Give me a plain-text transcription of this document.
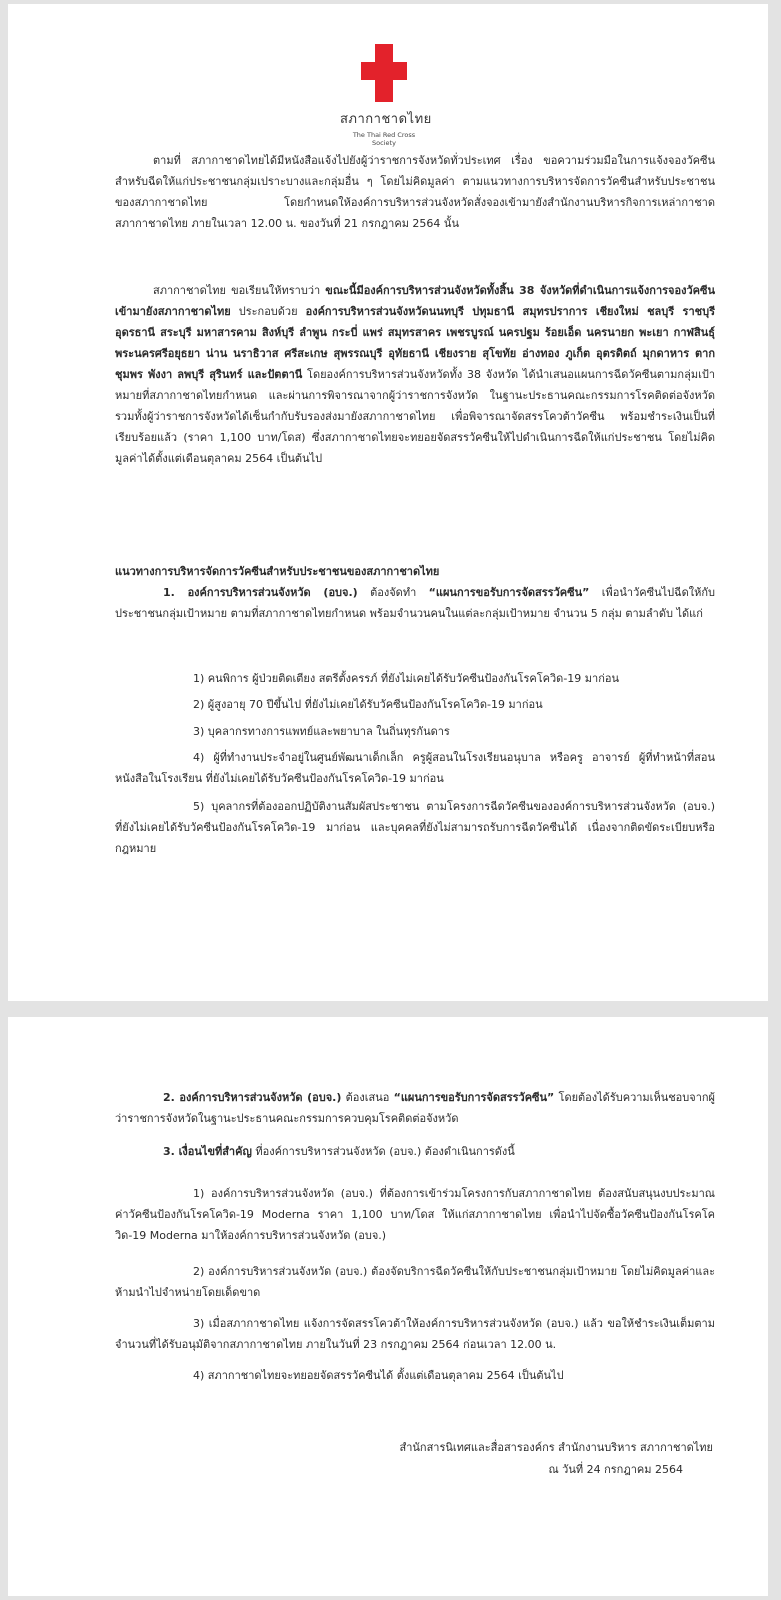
สภากาชาดไทย
The Thai Red Cross Society

ตามที่ สภากาชาดไทยได้มีหนังสือแจ้งไปยังผู้ว่าราชการจังหวัดทั่วประเทศ เรื่อง ขอความร่วมมือในการแจ้งจองวัคซีนสำหรับฉีดให้แก่ประชาชนกลุ่มเปราะบางและกลุ่มอื่น ๆ โดยไม่คิดมูลค่า ตามแนวทางการบริหารจัดการวัคซีนสำหรับประชาชนของสภากาชาดไทย โดยกำหนดให้องค์การบริหารส่วนจังหวัดสั่งจองเข้ามายังสำนักงานบริหารกิจการเหล่ากาชาด สภากาชาดไทย ภายในเวลา 12.00 น. ของวันที่ 21 กรกฎาคม 2564 นั้น

สภากาชาดไทย ขอเรียนให้ทราบว่า ขณะนี้มีองค์การบริหารส่วนจังหวัดทั้งสิ้น 38 จังหวัดที่ดำเนินการแจ้งการจองวัคซีนเข้ามายังสภากาชาดไทย ประกอบด้วย องค์การบริหารส่วนจังหวัดนนทบุรี ปทุมธานี สมุทรปราการ เชียงใหม่ ชลบุรี ราชบุรี อุดรธานี สระบุรี มหาสารคาม สิงห์บุรี ลำพูน กระบี่ แพร่ สมุทรสาคร เพชรบูรณ์ นครปฐม ร้อยเอ็ด นครนายก พะเยา กาฬสินธุ์ พระนครศรีอยุธยา น่าน นราธิวาส ศรีสะเกษ สุพรรณบุรี อุทัยธานี เชียงราย สุโขทัย อ่างทอง ภูเก็ต อุตรดิตถ์ มุกดาหาร ตาก ชุมพร พังงา ลพบุรี สุรินทร์ และปัตตานี โดยองค์การบริหารส่วนจังหวัดทั้ง 38 จังหวัด ได้นำเสนอแผนการฉีดวัคซีนตามกลุ่มเป้าหมายที่สภากาชาดไทยกำหนด และผ่านการพิจารณาจากผู้ว่าราชการจังหวัด ในฐานะประธานคณะกรรมการโรคติดต่อจังหวัด รวมทั้งผู้ว่าราชการจังหวัดได้เซ็นกำกับรับรองส่งมายังสภากาชาดไทย เพื่อพิจารณาจัดสรรโควต้าวัคซีน พร้อมชำระเงินเป็นที่เรียบร้อยแล้ว (ราคา 1,100 บาท/โดส) ซึ่งสภากาชาดไทยจะทยอยจัดสรรวัคซีนให้ไปดำเนินการฉีดให้แก่ประชาชน โดยไม่คิดมูลค่าได้ตั้งแต่เดือนตุลาคม 2564 เป็นต้นไป

แนวทางการบริหารจัดการวัคซีนสำหรับประชาชนของสภากาชาดไทย

1. องค์การบริหารส่วนจังหวัด (อบจ.) ต้องจัดทำ “แผนการขอรับการจัดสรรวัคซีน” เพื่อนำวัคซีนไปฉีดให้กับประชาชนกลุ่มเป้าหมาย ตามที่สภากาชาดไทยกำหนด พร้อมจำนวนคนในแต่ละกลุ่มเป้าหมาย จำนวน 5 กลุ่ม ตามลำดับ ได้แก่

1) คนพิการ ผู้ป่วยติดเตียง สตรีตั้งครรภ์ ที่ยังไม่เคยได้รับวัคซีนป้องกันโรคโควิด-19 มาก่อน

2) ผู้สูงอายุ 70 ปีขึ้นไป ที่ยังไม่เคยได้รับวัคซีนป้องกันโรคโควิด-19 มาก่อน

3) บุคลากรทางการแพทย์และพยาบาล ในถิ่นทุรกันดาร

4) ผู้ที่ทำงานประจำอยู่ในศูนย์พัฒนาเด็กเล็ก ครูผู้สอนในโรงเรียนอนุบาล หรือครู อาจารย์ ผู้ที่ทำหน้าที่สอนหนังสือในโรงเรียน ที่ยังไม่เคยได้รับวัคซีนป้องกันโรคโควิด-19 มาก่อน

5) บุคลากรที่ต้องออกปฏิบัติงานสัมผัสประชาชน ตามโครงการฉีดวัคซีนขององค์การบริหารส่วนจังหวัด (อบจ.) ที่ยังไม่เคยได้รับวัคซีนป้องกันโรคโควิด-19 มาก่อน และบุคคลที่ยังไม่สามารถรับการฉีดวัคซีนได้ เนื่องจากติดขัดระเบียบหรือกฎหมาย

2. องค์การบริหารส่วนจังหวัด (อบจ.) ต้องเสนอ “แผนการขอรับการจัดสรรวัคซีน” โดยต้องได้รับความเห็นชอบจากผู้ว่าราชการจังหวัดในฐานะประธานคณะกรรมการควบคุมโรคติดต่อจังหวัด

3. เงื่อนไขที่สำคัญ ที่องค์การบริหารส่วนจังหวัด (อบจ.) ต้องดำเนินการดังนี้

1) องค์การบริหารส่วนจังหวัด (อบจ.) ที่ต้องการเข้าร่วมโครงการกับสภากาชาดไทย ต้องสนับสนุนงบประมาณค่าวัคซีนป้องกันโรคโควิด-19 Moderna ราคา 1,100 บาท/โดส ให้แก่สภากาชาดไทย เพื่อนำไปจัดซื้อวัคซีนป้องกันโรคโควิด-19 Moderna มาให้องค์การบริหารส่วนจังหวัด (อบจ.)

2) องค์การบริหารส่วนจังหวัด (อบจ.) ต้องจัดบริการฉีดวัคซีนให้กับประชาชนกลุ่มเป้าหมาย โดยไม่คิดมูลค่าและห้ามนำไปจำหน่ายโดยเด็ดขาด

3) เมื่อสภากาชาดไทย แจ้งการจัดสรรโควต้าให้องค์การบริหารส่วนจังหวัด (อบจ.) แล้ว ขอให้ชำระเงินเต็มตามจำนวนที่ได้รับอนุมัติจากสภากาชาดไทย ภายในวันที่ 23 กรกฎาคม 2564 ก่อนเวลา 12.00 น.

4) สภากาชาดไทยจะทยอยจัดสรรวัคซีนได้ ตั้งแต่เดือนตุลาคม 2564 เป็นต้นไป

สำนักสารนิเทศและสื่อสารองค์กร สำนักงานบริหาร สภากาชาดไทย
ณ วันที่ 24 กรกฎาคม 2564
